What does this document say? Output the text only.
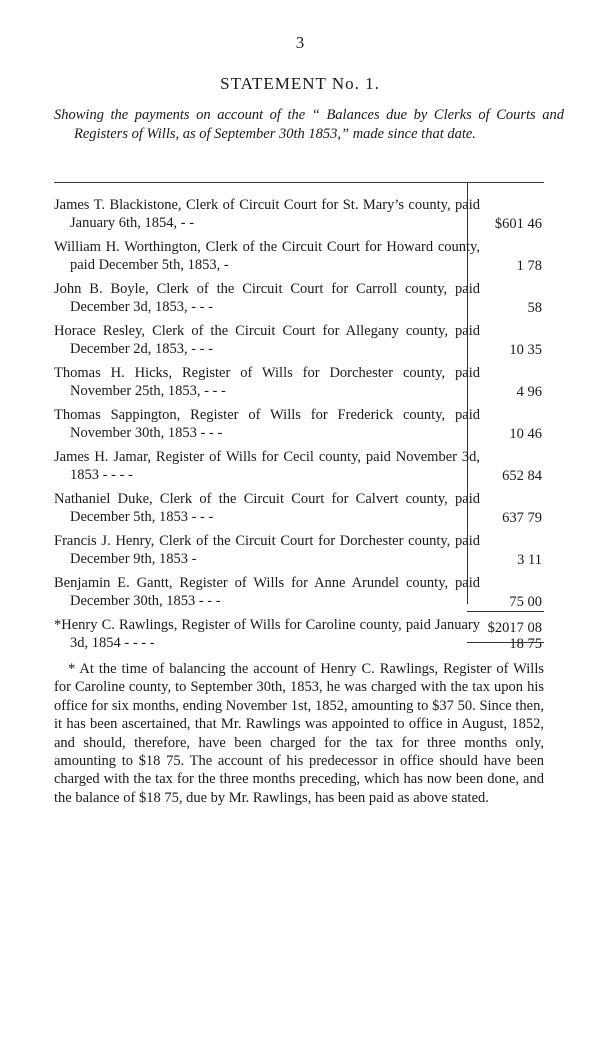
3
STATEMENT No. 1.
Showing the payments on account of the “ Balances due by Clerks of Courts and Registers of Wills, as of September 30th 1853,” made since that date.
James T. Blackistone, Clerk of Circuit Court for St. Mary’s county, paid January 6th, 1854, - -	$601 46
William H. Worthington, Clerk of the Circuit Court for Howard county, paid December 5th, 1853, -	1 78
John B. Boyle, Clerk of the Circuit Court for Carroll county, paid December 3d, 1853, - - -	58
Horace Resley, Clerk of the Circuit Court for Allegany county, paid December 2d, 1853, - - -	10 35
Thomas H. Hicks, Register of Wills for Dorchester county, paid November 25th, 1853, - - -	4 96
Thomas Sappington, Register of Wills for Frederick county, paid November 30th, 1853 - - -	10 46
James H. Jamar, Register of Wills for Cecil county, paid November 3d, 1853 - - - -	652 84
Nathaniel Duke, Clerk of the Circuit Court for Calvert county, paid December 5th, 1853 - - -	637 79
Francis J. Henry, Clerk of the Circuit Court for Dorchester county, paid December 9th, 1853 -	3 11
Benjamin E. Gantt, Register of Wills for Anne Arundel county, paid December 30th, 1853 - - -	75 00
*Henry C. Rawlings, Register of Wills for Caroline county, paid January 3d, 1854 - - - -	18 75
$2017 08
* At the time of balancing the account of Henry C. Rawlings, Register of Wills for Caroline county, to September 30th, 1853, he was charged with the tax upon his office for six months, ending November 1st, 1852, amounting to $37 50. Since then, it has been ascertained, that Mr. Rawlings was appointed to office in August, 1852, and should, therefore, have been charged for the tax for three months only, amounting to $18 75. The account of his predecessor in office should have been charged with the tax for the three months preceding, which has now been done, and the balance of $18 75, due by Mr. Rawlings, has been paid as above stated.
